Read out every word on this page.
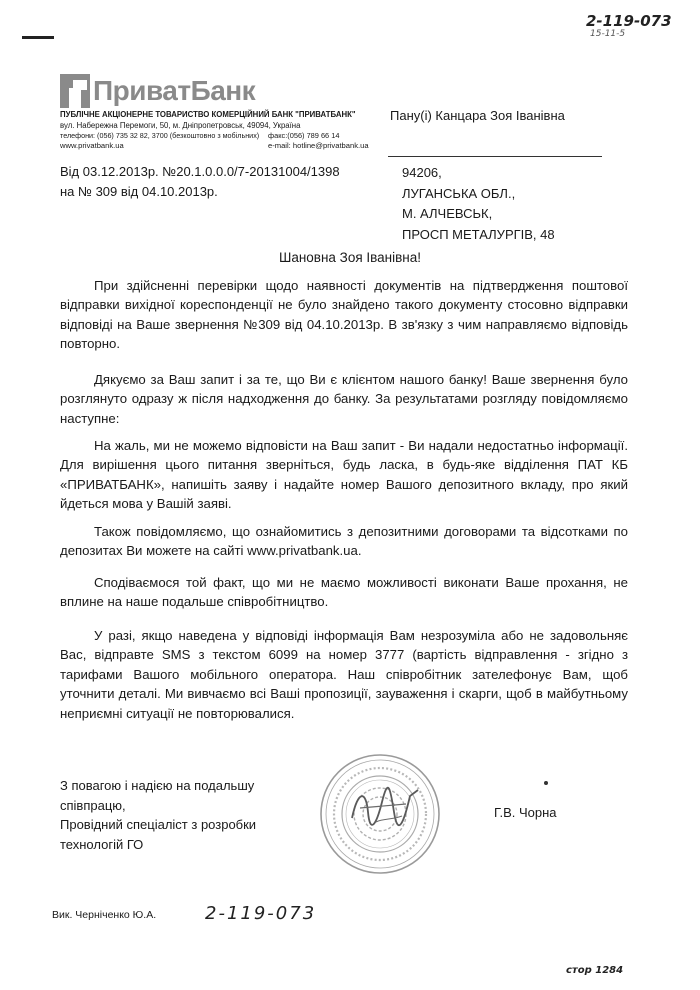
2-119-073
15-11-5
ПриватБанк
ПУБЛІЧНЕ АКЦІОНЕРНЕ ТОВАРИСТВО КОМЕРЦІЙНИЙ БАНК "ПРИВАТБАНК"
вул. Набережна Перемоги, 50, м. Дніпропетровськ, 49094, Україна
телефони: (056) 735 32 82, 3700 (безкоштовно з мобільних) факс:(056) 789 66 14
www.privatbank.ua	e-mail: hotline@privatbank.ua
Пану(і) Канцара Зоя Іванівна
Від 03.12.2013р. №20.1.0.0.0/7-20131004/1398
на № 309 від 04.10.2013р.
94206,
ЛУГАНСЬКА ОБЛ.,
М. АЛЧЕВСЬК,
ПРОСП МЕТАЛУРГІВ, 48
Шановна Зоя Іванівна!
При здійсненні перевірки щодо наявності документів на підтвердження поштової відправки вихідної кореспонденції не було знайдено такого документу стосовно відправки відповіді на Ваше звернення №309 від 04.10.2013р. В зв'язку з чим направляємо відповідь повторно.
Дякуємо за Ваш запит і за те, що Ви є клієнтом нашого банку! Ваше звернення було розглянуто одразу ж після надходження до банку. За результатами розгляду повідомляємо наступне:
На жаль, ми не можемо відповісти на Ваш запит - Ви надали недостатньо інформації. Для вирішення цього питання зверніться, будь ласка, в будь-яке відділення ПАТ КБ «ПРИВАТБАНК», напишіть заяву і надайте номер Вашого депозитного вкладу, про який йдеться мова у Вашій заяві.
Також повідомляємо, що ознайомитись з депозитними договорами та відсотками по депозитах Ви можете на сайті www.privatbank.ua.
Сподіваємося той факт, що ми не маємо можливості виконати Ваше прохання, не вплине на наше подальше співробітництво.
У разі, якщо наведена у відповіді інформація Вам незрозуміла або не задовольняє Вас, відправте SMS з текстом 6099 на номер 3777 (вартість відправлення - згідно з тарифами Вашого мобільного оператора. Наш співробітник зателефонує Вам, щоб уточнити деталі. Ми вивчаємо всі Ваші пропозиції, зауваження і скарги, щоб в майбутньому неприємні ситуації не повторювалися.
З повагою і надією на подальшу
співпрацю,
Провідний спеціаліст з розробки
технологій ГО
Г.В. Чорна
Вик. Черніченко Ю.А.	2-119-073
стор 1284
